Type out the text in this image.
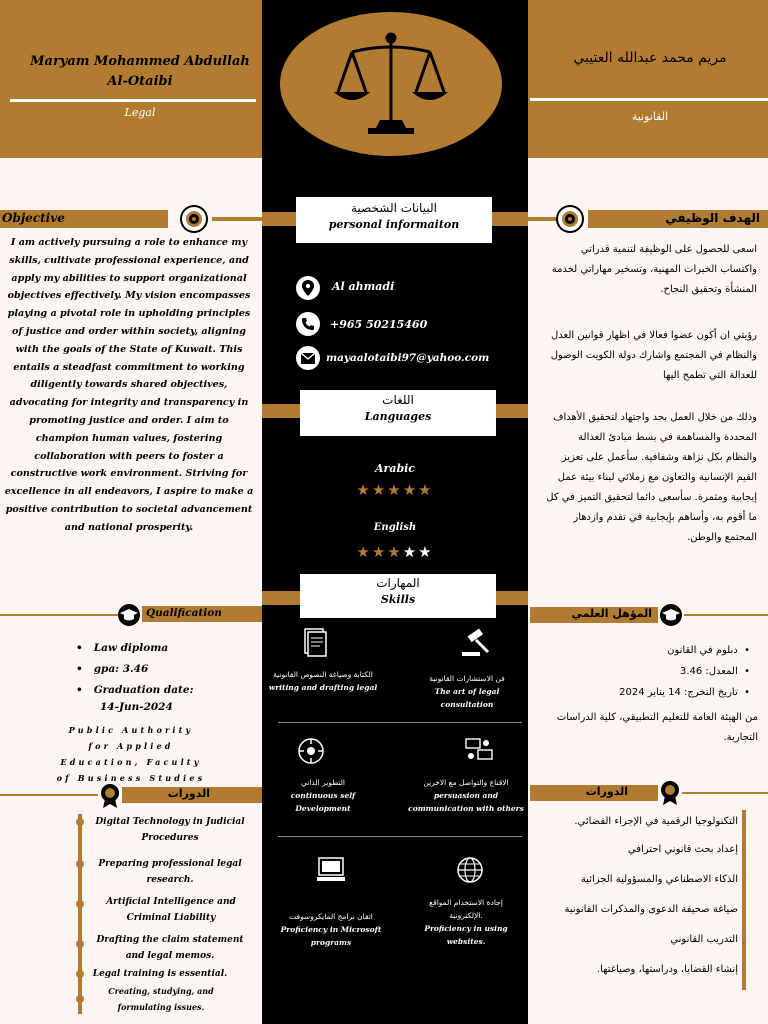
Maryam Mohammed Abdullah Al-Otaibi
Legal
مريم محمد عبدالله العتيبي
القانونية
Objective
I am actively pursuing a role to enhance my skills, cultivate professional experience, and apply my abilities to support organizational objectives effectively. My vision encompasses playing a pivotal role in upholding principles of justice and order within society, aligning with the goals of the State of Kuwait. This entails a steadfast commitment to working diligently towards shared objectives, advocating for integrity and transparency in promoting justice and order. I aim to champion human values, fostering collaboration with peers to foster a constructive work environment. Striving for excellence in all endeavors, I aspire to make a positive contribution to societal advancement and national prosperity.
الهدف الوظيفي
اسعى للحصول على الوظيفة لتنمية قدراتي واكتساب الخبرات المهنية، وتسخير مهاراتي لخدمة المنشأة وتحقيق النجاح.
رؤيتي ان أكون عضوا فعالا في اظهار قوانين العدل والنظام في المجتمع واشارك دولة الكويت الوصول للعدالة التي تطمح اليها
وذلك من خلال العمل بجد واجتهاد لتحقيق الأهداف المحددة والمساهمة في بسط مبادئ العدالة والنظام بكل نزاهة وشفافية. سأعمل على تعزيز القيم الإنسانية والتعاون مع زملائي لبناء بيئة عمل إيجابية ومثمرة. سأسعى دائما لتحقيق التميز في كل ما أقوم به، وأساهم بإيجابية في تقدم وازدهار المجتمع والوطن.
البيانات الشخصية
personal informaiton
Al ahmadi
+965 50215460
mayaalotaibi97@yahoo.com
اللغات
Languages
Arabic
★★★★★
English
★★★★★
المهارات
Skills
الكتابة وصياغة النصوص القانونية
writing and drafting legal
فن الاستشارات القانونية
The art of legal consultation
التطوير الذاتي
continuous self Development
الاقناع والتواصل مع الاخرين
persuasion and communication with others
اتقان برامج المايكروسوفت
Proficiency in Microsoft programs
إجادة الاستخدام المواقع الإلكترونية.
Proficiency in using websites.
Qualification
•   Law diploma
•   gpa: 3.46
•   Graduation date:
14-Jun-2024
Public Authority for Applied Education, Faculty of Business Studies
المؤهل العلمي
•  دبلوم في القانون
•  المعدل: 3.46
•  تاريخ التخرج: 14 يناير 2024
من الهيئة العامة للتعليم التطبيقي، كلية الدراسات التجارية.
الدورات
Digital Technology in Judicial Procedures
Preparing professional legal research.
Artificial Intelligence and Criminal Liability
Drafting the claim statement and legal memos.
Legal training is essential.
Creating, studying, and formulating issues.
الدورات
التكنولوجيا الرقمية في الإجراء القضائي.
إعداد بحث قانوني احترافي
الذكاء الاصطناعي والمسؤولية الجزائية
صياغة صحيفة الدعوى والمذكرات القانونية
التدريب القانوني
إنشاء القضايا، ودراستها، وصياغتها.
